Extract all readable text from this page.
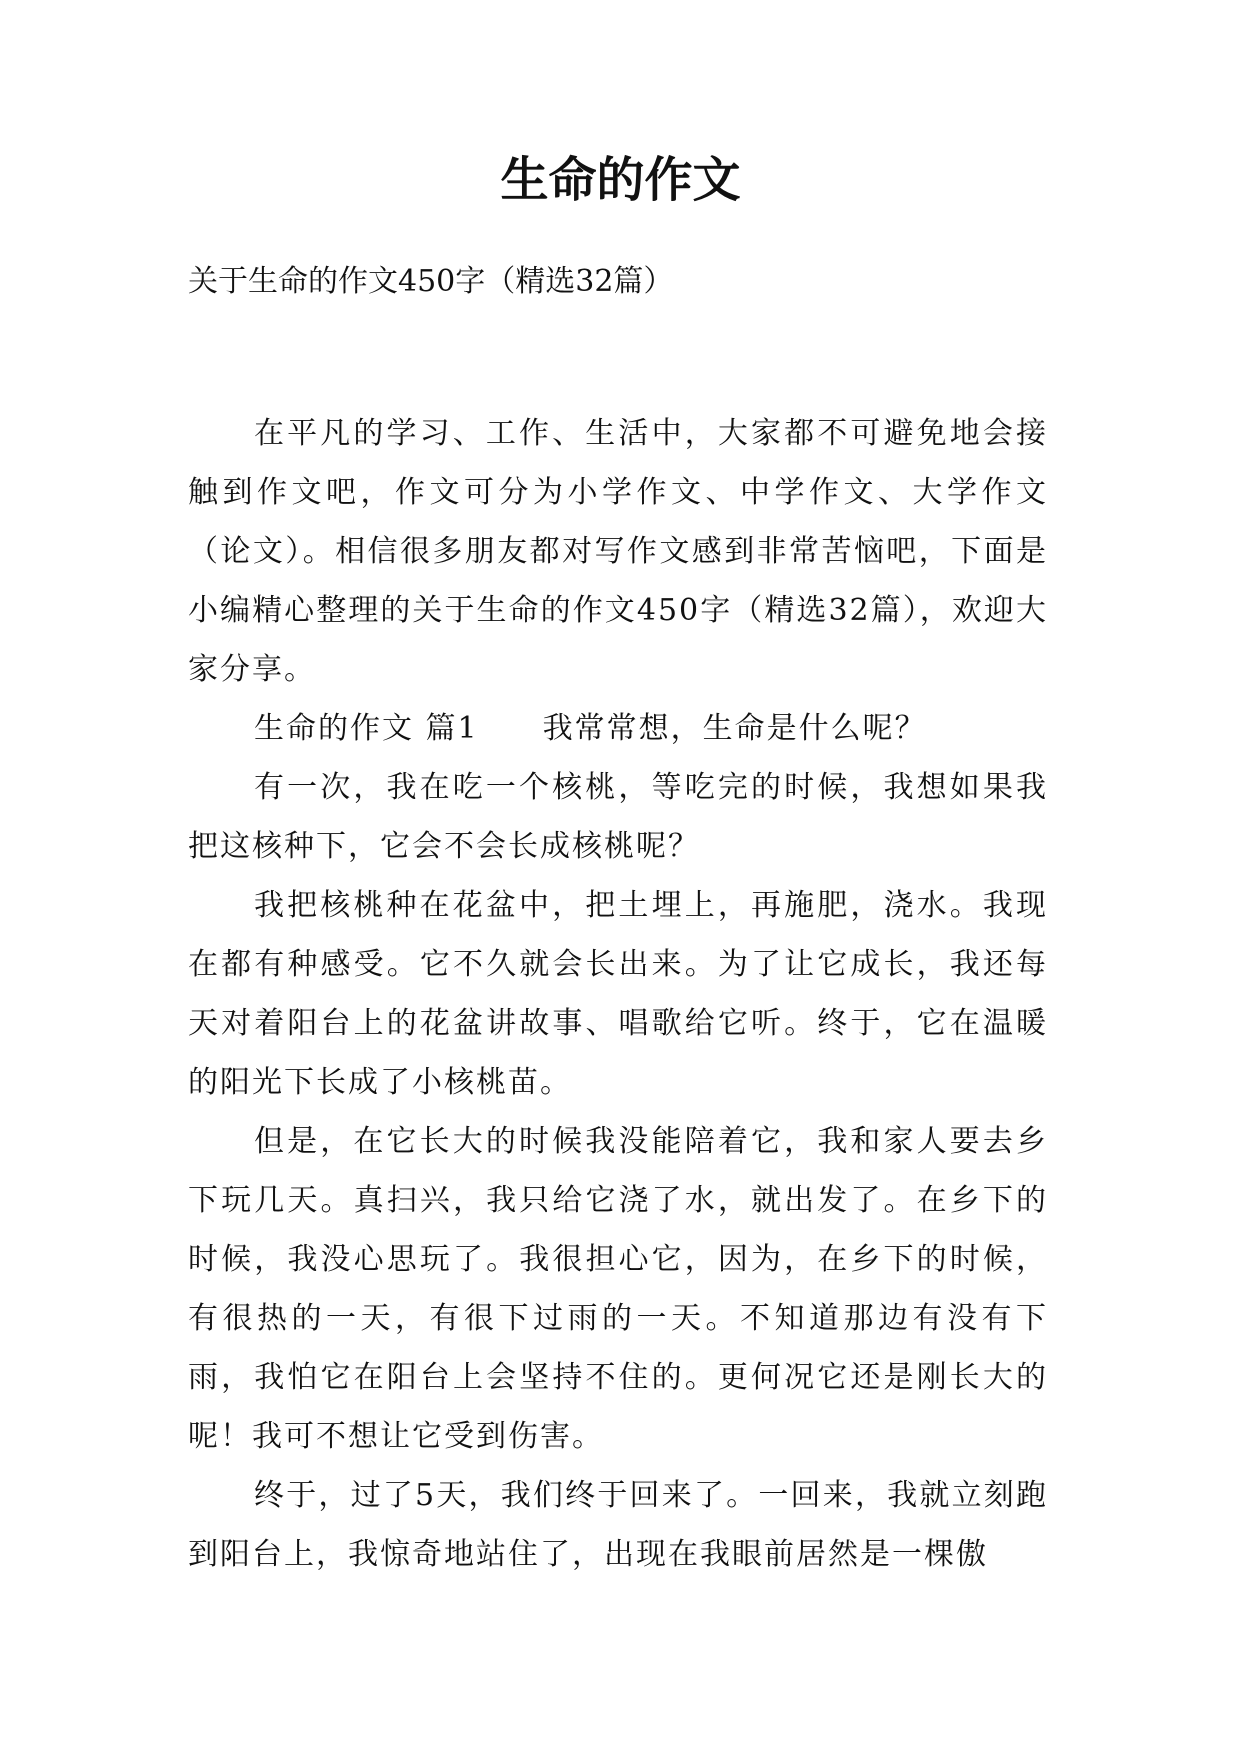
生命的作文
关于生命的作文450字（精选32篇）

在平凡的学习、工作、生活中，大家都不可避免地会接触到作文吧，作文可分为小学作文、中学作文、大学作文（论文）。相信很多朋友都对写作文感到非常苦恼吧，下面是小编精心整理的关于生命的作文450字（精选32篇），欢迎大家分享。

生命的作文 篇1　　我常常想，生命是什么呢？

有一次，我在吃一个核桃，等吃完的时候，我想如果我把这核种下，它会不会长成核桃呢？

我把核桃种在花盆中，把土埋上，再施肥，浇水。我现在都有种感受。它不久就会长出来。为了让它成长，我还每天对着阳台上的花盆讲故事、唱歌给它听。终于，它在温暖的阳光下长成了小核桃苗。

但是，在它长大的时候我没能陪着它，我和家人要去乡下玩几天。真扫兴，我只给它浇了水，就出发了。在乡下的时候，我没心思玩了。我很担心它，因为，在乡下的时候，有很热的一天，有很下过雨的一天。不知道那边有没有下雨，我怕它在阳台上会坚持不住的。更何况它还是刚长大的呢！我可不想让它受到伤害。

终于，过了5天，我们终于回来了。一回来，我就立刻跑到阳台上，我惊奇地站住了，出现在我眼前居然是一棵傲
